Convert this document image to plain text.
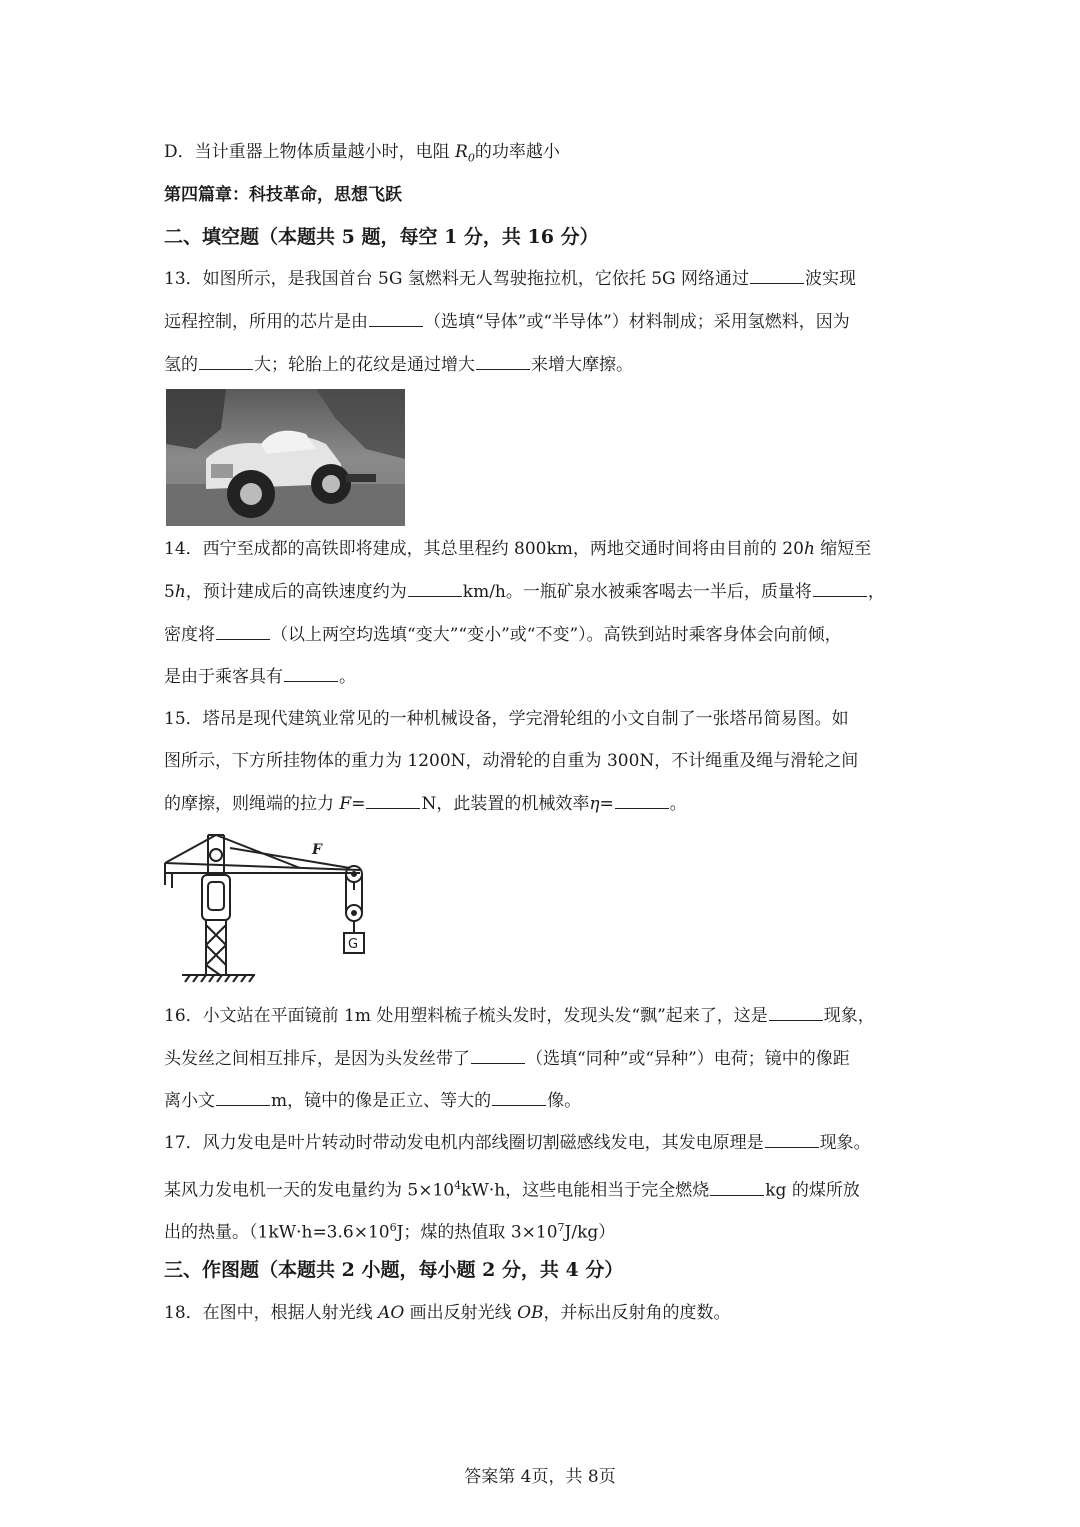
D．当计重器上物体质量越小时，电阻 $R_0$的功率越小
第四篇章：科技革命，思想飞跃
二、填空题（本题共 5 题，每空 1 分，共 16 分）
13．如图所示，是我国首台 5G 氢燃料无人驾驶拖拉机，它依托 5G 网络通过	波实现
远程控制，所用的芯片是由	（选填“导体”或“半导体”）材料制成；采用氢燃料，因为
氢的	大；轮胎上的花纹是通过增大	来增大摩擦。
14．西宁至成都的高铁即将建成，其总里程约 800km，两地交通时间将由目前的 20h 缩短至
5h，预计建成后的高铁速度约为	km/h。一瓶矿泉水被乘客喝去一半后，质量将	，
密度将	（以上两空均选填“变大”“变小”或“不变”）。高铁到站时乘客身体会向前倾，
是由于乘客具有	。
15．塔吊是现代建筑业常见的一种机械设备，学完滑轮组的小文自制了一张塔吊简易图。如
图所示，下方所挂物体的重力为 1200N，动滑轮的自重为 300N，不计绳重及绳与滑轮之间
的摩擦，则绳端的拉力 F=	N，此装置的机械效率η=	。
F
G
16．小文站在平面镜前 1m 处用塑料梳子梳头发时，发现头发“飘”起来了，这是	现象，
头发丝之间相互排斥，是因为头发丝带了	（选填“同种”或“异种”）电荷；镜中的像距
离小文	m，镜中的像是正立、等大的	像。
17．风力发电是叶片转动时带动发电机内部线圈切割磁感线发电，其发电原理是	现象。
某风力发电机一天的发电量约为 $5\times 10^4kW\cdot h$，这些电能相当于完全燃烧	kg 的煤所放
出的热量。（$1kW\cdot h=3.6\times 10^6J$；煤的热值取 $3\times 10^7J/kg$）
三、作图题（本题共 2 小题，每小题 2 分，共 4 分）
18．在图中，根据人射光线 AO 画出反射光线 OB，并标出反射角的度数。
答案第 4页，共 8页
